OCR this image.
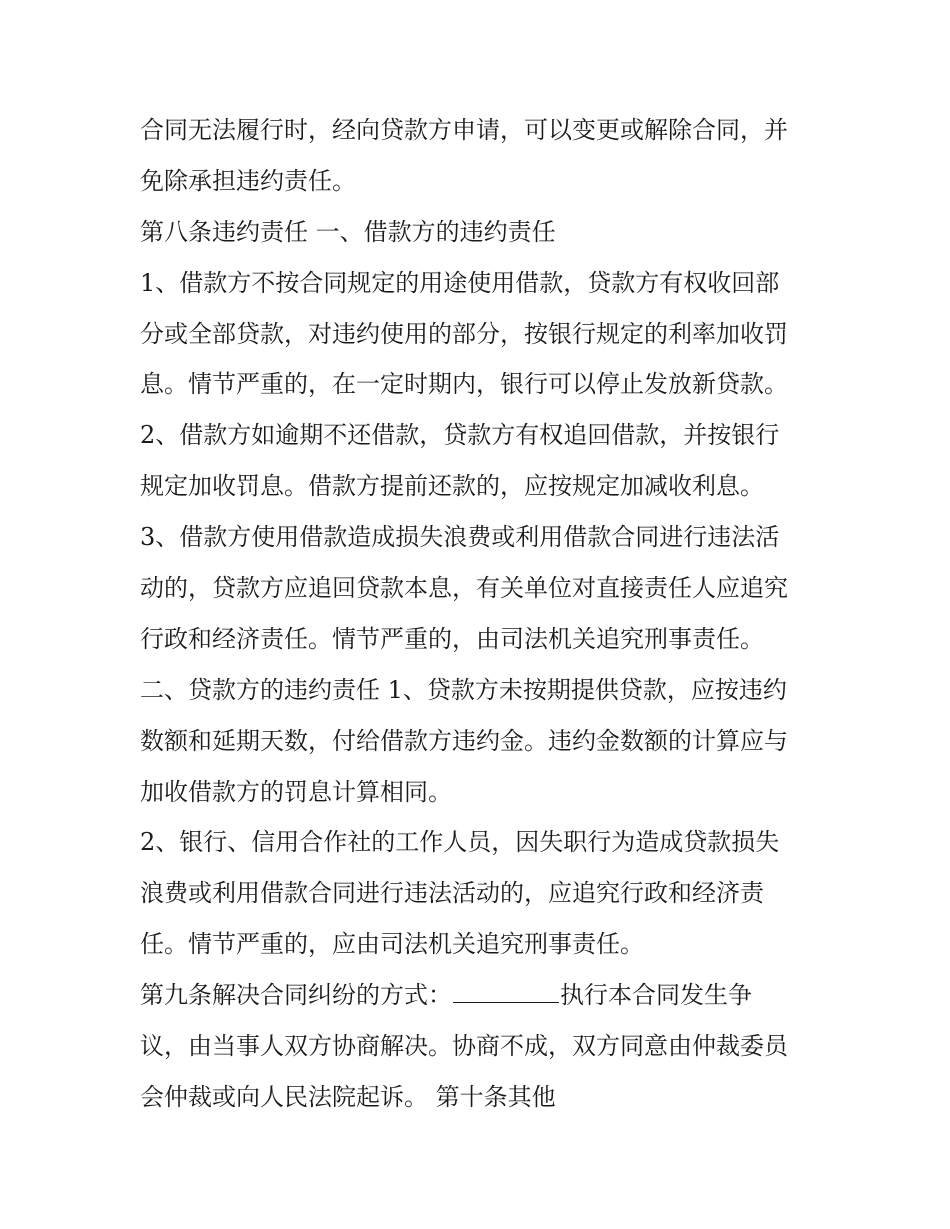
合同无法履行时，经向贷款方申请，可以变更或解除合同，并
免除承担违约责任。
第八条违约责任 一、借款方的违约责任
1、借款方不按合同规定的用途使用借款，贷款方有权收回部
分或全部贷款，对违约使用的部分，按银行规定的利率加收罚
息。情节严重的，在一定时期内，银行可以停止发放新贷款。
2、借款方如逾期不还借款，贷款方有权追回借款，并按银行
规定加收罚息。借款方提前还款的，应按规定加减收利息。
3、借款方使用借款造成损失浪费或利用借款合同进行违法活
动的，贷款方应追回贷款本息，有关单位对直接责任人应追究
行政和经济责任。情节严重的，由司法机关追究刑事责任。
二、贷款方的违约责任 1、贷款方未按期提供贷款，应按违约
数额和延期天数，付给借款方违约金。违约金数额的计算应与
加收借款方的罚息计算相同。
2、银行、信用合作社的工作人员，因失职行为造成贷款损失
浪费或利用借款合同进行违法活动的，应追究行政和经济责
任。情节严重的，应由司法机关追究刑事责任。
第九条解决合同纠纷的方式：	执行本合同发生争
议，由当事人双方协商解决。协商不成，双方同意由仲裁委员
会仲裁或向人民法院起诉。 第十条其他
